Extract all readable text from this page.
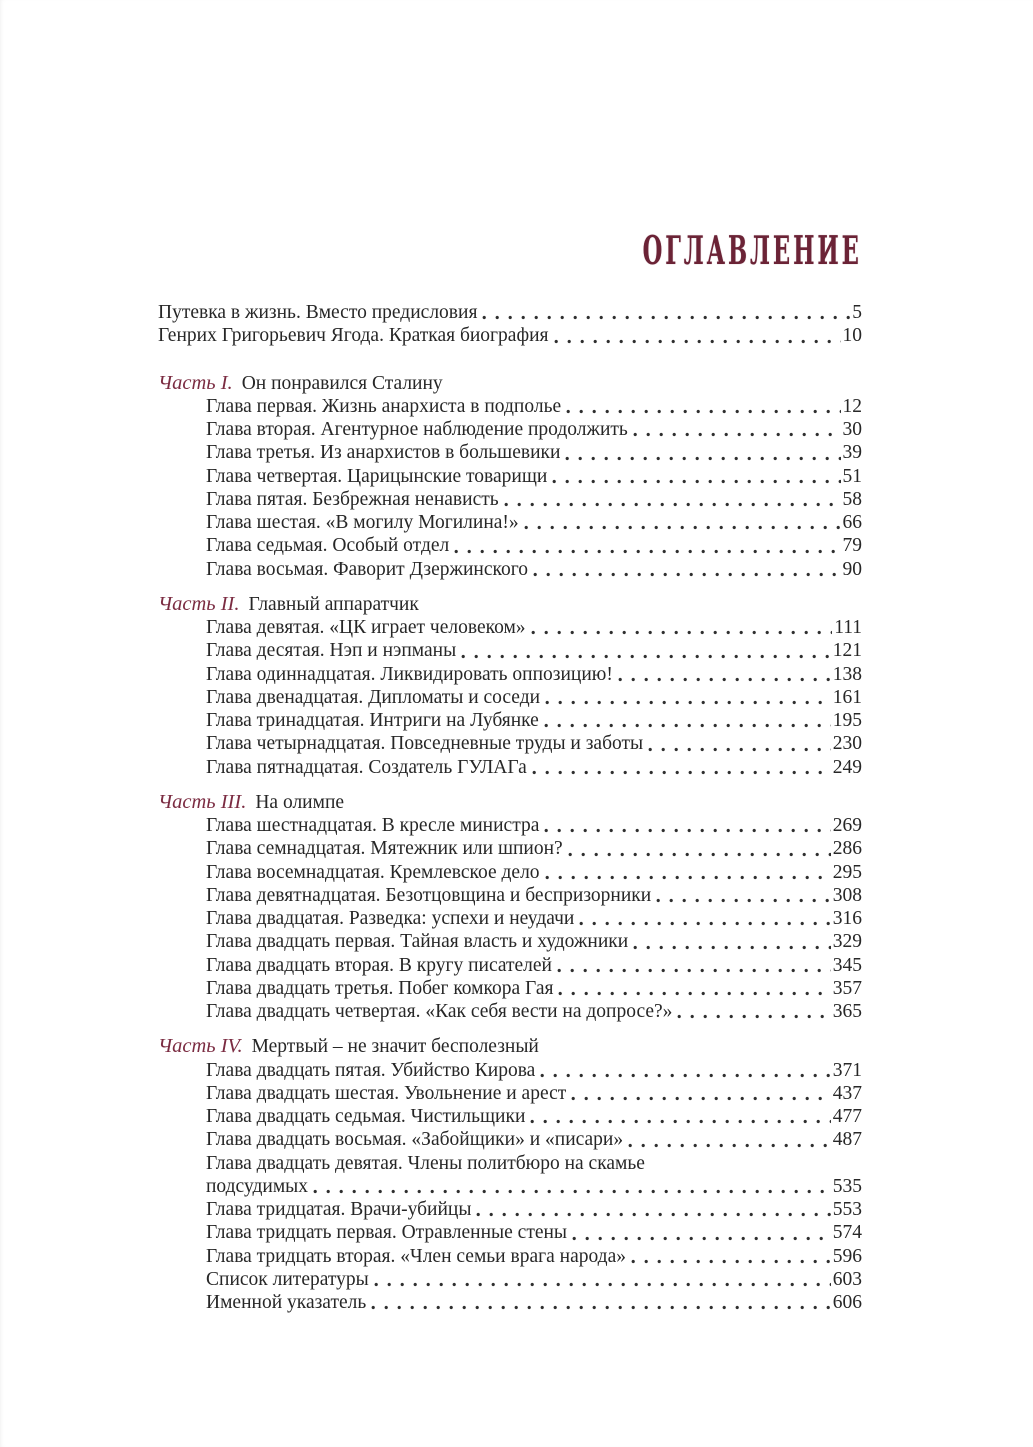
ОГЛАВЛЕНИЕ
Путевка в жизнь. Вместо предисловия	5
Генрих Григорьевич Ягода. Краткая биография	10
Часть I. Он понравился Сталину
Глава первая. Жизнь анархиста в подполье	12
Глава вторая. Агентурное наблюдение продолжить	30
Глава третья. Из анархистов в большевики	39
Глава четвертая. Царицынские товарищи	51
Глава пятая. Безбрежная ненависть	58
Глава шестая. «В могилу Могилина!»	66
Глава седьмая. Особый отдел	79
Глава восьмая. Фаворит Дзержинского	90
Часть II. Главный аппаратчик
Глава девятая. «ЦК играет человеком»	111
Глава десятая. Нэп и нэпманы	121
Глава одиннадцатая. Ликвидировать оппозицию!	138
Глава двенадцатая. Дипломаты и соседи	161
Глава тринадцатая. Интриги на Лубянке	195
Глава четырнадцатая. Повседневные труды и заботы	230
Глава пятнадцатая. Создатель ГУЛАГа	249
Часть III. На олимпе
Глава шестнадцатая. В кресле министра	269
Глава семнадцатая. Мятежник или шпион?	286
Глава восемнадцатая. Кремлевское дело	295
Глава девятнадцатая. Безотцовщина и беспризорники	308
Глава двадцатая. Разведка: успехи и неудачи	316
Глава двадцать первая. Тайная власть и художники	329
Глава двадцать вторая. В кругу писателей	345
Глава двадцать третья. Побег комкора Гая	357
Глава двадцать четвертая. «Как себя вести на допросе?»	365
Часть IV. Мертвый – не значит бесполезный
Глава двадцать пятая. Убийство Кирова	371
Глава двадцать шестая. Увольнение и арест	437
Глава двадцать седьмая. Чистильщики	477
Глава двадцать восьмая. «Забойщики» и «писари»	487
Глава двадцать девятая. Члены политбюро на скамье
подсудимых	535
Глава тридцатая. Врачи-убийцы	553
Глава тридцать первая. Отравленные стены	574
Глава тридцать вторая. «Член семьи врага народа»	596
Список литературы	603
Именной указатель	606
